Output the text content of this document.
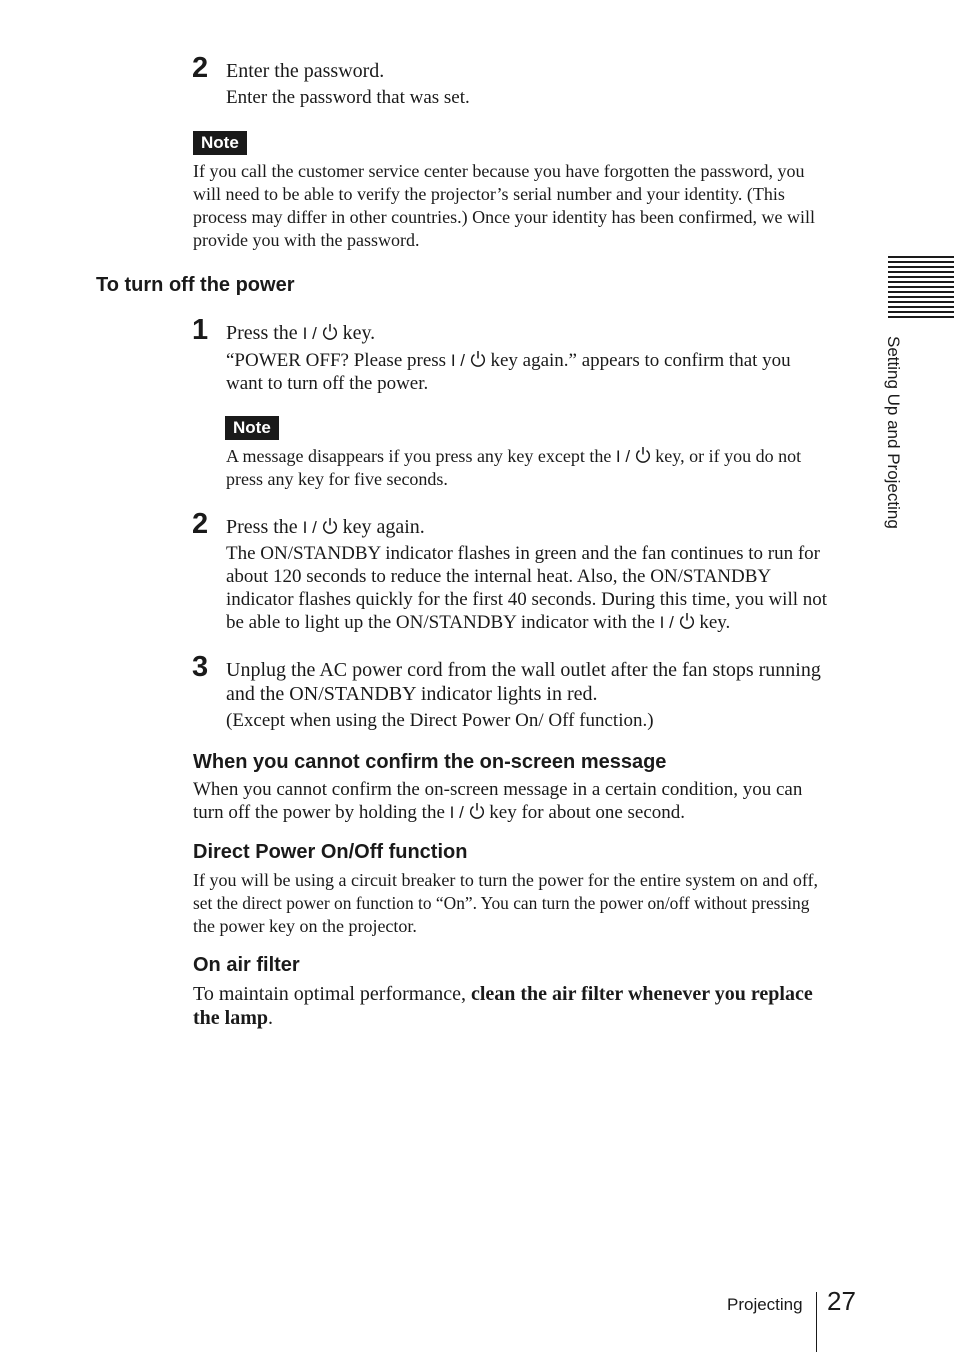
2 Enter the password.
Enter the password that was set.
Note
If you call the customer service center because you have forgotten the password, you
will need to be able to verify the projector’s serial number and your identity. (This
process may differ in other countries.) Once your identity has been confirmed, we will
provide you with the password.
To turn off the power
1 Press the I /  key.
“POWER OFF? Please press I /  key again.” appears to confirm that you
want to turn off the power.
Note
A message disappears if you press any key except the I /  key, or if you do not
press any key for five seconds.
2 Press the I /  key again.
The ON/STANDBY indicator flashes in green and the fan continues to run for
about 120 seconds to reduce the internal heat. Also, the ON/STANDBY
indicator flashes quickly for the first 40 seconds. During this time, you will not
be able to light up the ON/STANDBY indicator with the I /  key.
3 Unplug the AC power cord from the wall outlet after the fan stops running
and the ON/STANDBY indicator lights in red.
(Except when using the Direct Power On/ Off function.)
When you cannot confirm the on-screen message
When you cannot confirm the on-screen message in a certain condition, you can
turn off the power by holding the I /  key for about one second.
Direct Power On/Off function
If you will be using a circuit breaker to turn the power for the entire system on and off,
set the direct power on function to “On”. You can turn the power on/off without pressing
the power key on the projector.
On air filter
To maintain optimal performance, clean the air filter whenever you replace
the lamp.
Setting Up and Projecting
Projecting 27
